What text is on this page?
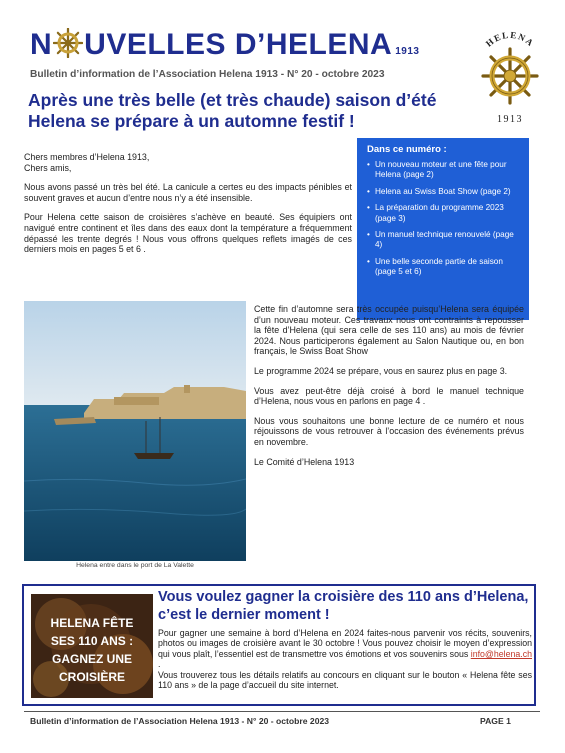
N UVELLES D’HELENA 1913
Bulletin d’information de l’Association Helena 1913 - N° 20 - octobre 2023
HELENA
1913
Après une très belle (et très chaude) saison d’été Helena se prépare à un automne festif !

Chers membres d’Helena 1913,

Chers amis,

Nous avons passé un très bel été. La canicule a certes eu des impacts pénibles et souvent graves et aucun d’entre nous n’y a été insensible.

Pour Helena cette saison de croisières s’achève en beauté. Ses équipiers ont navigué entre continent et îles dans des eaux dont la température a fréquemment dépassé les trente degrés ! Nous vous offrons quelques reflets imagés de ces derniers mois en pages 5 et 6 .

Dans ce numéro :
• Un nouveau moteur et une fête pour Helena (page 2)
• Helena au Swiss Boat Show (page 2)
• La préparation du programme 2023 (page 3)
• Un manuel technique renouvelé (page 4)
• Une belle seconde partie de saison (page 5 et 6)
Helena entre dans le port de La Valette

Cette fin d’automne sera très occupée puisqu’Helena sera équipée d’un nouveau moteur. Ces travaux nous ont contraints à repousser la fête d’Helena (qui sera celle de ses 110 ans) au mois de février 2024. Nous participerons également au Salon Nautique ou, en bon français, le Swiss Boat Show

Le programme 2024 se prépare, vous en saurez plus en page 3.

Vous avez peut-être déjà croisé à bord le manuel technique d’Helena, nous vous en parlons en page 4 .

Nous vous souhaitons une bonne lecture de ce numéro et nous réjouissons de vous retrouver à l’occasion des événements prévus en novembre.

Le Comité d’Helena 1913

HELENA FÊTE
SES 110 ANS :
GAGNEZ UNE
CROISIÈRE
Vous voulez gagner la croisière des 110 ans d’Helena, c’est le dernier moment !
Pour gagner une semaine à bord d’Helena en 2024 faites-nous parvenir vos récits, souvenirs, photos ou images de croisière avant le 30 octobre ! Vous pouvez choisir le moyen d’expression qui vous plaît, l’essentiel est de transmettre vos émotions et vos souvenirs sous info@helena.ch .
Vous trouverez tous les détails relatifs au concours en cliquant sur le bouton « Helena fête ses 110 ans » de la page d’accueil du site internet.
Bulletin d’information de l’Association Helena 1913 - N° 20 - octobre 2023	PAGE 1
